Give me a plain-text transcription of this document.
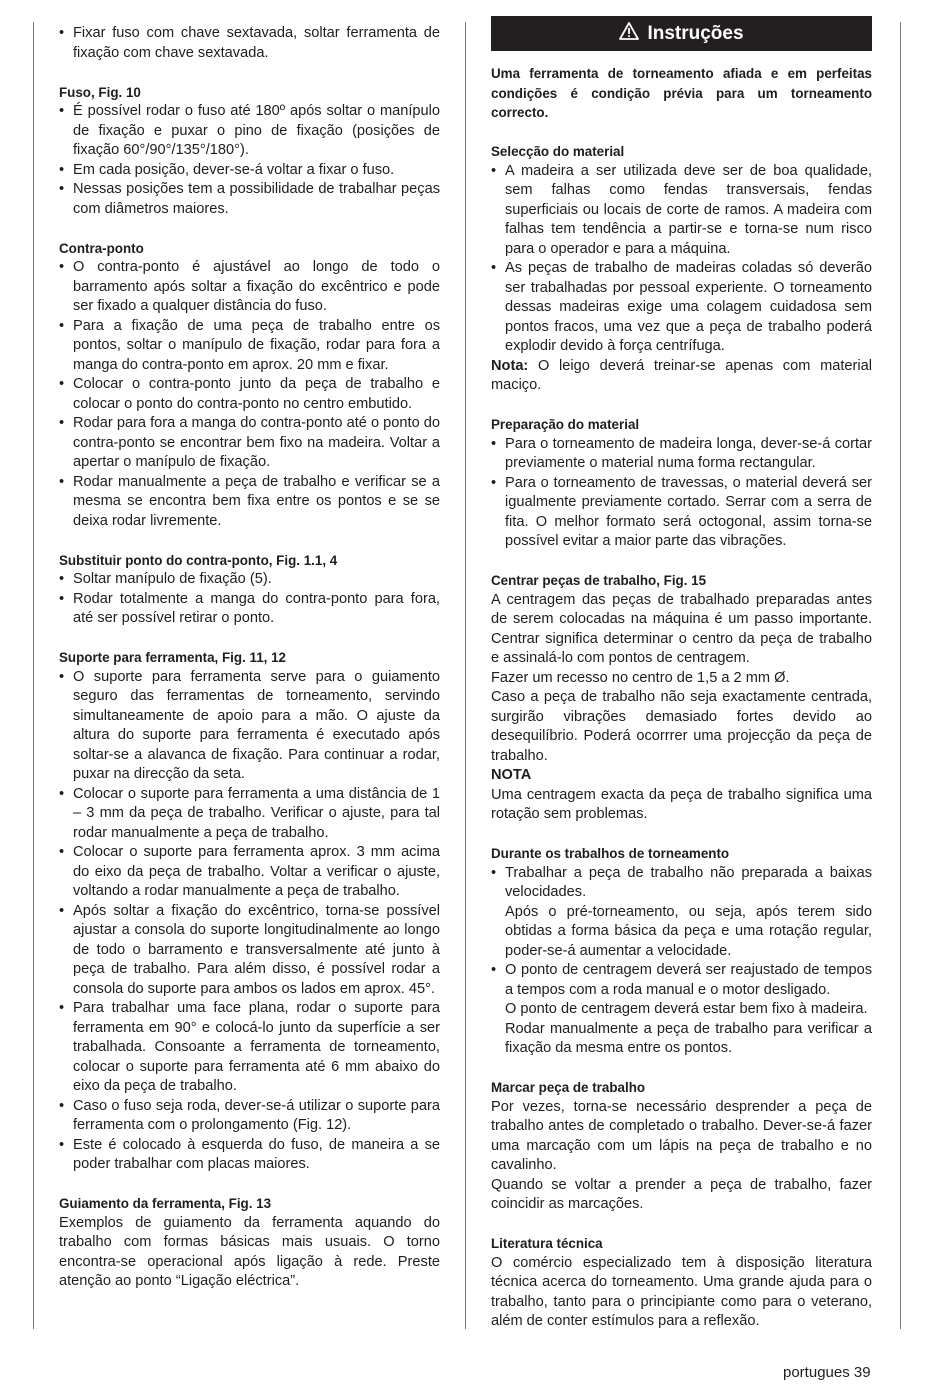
• Fixar fuso com chave sextavada, soltar ferramenta de fixação com chave sextavada.

Fuso, Fig. 10

• É possível rodar o fuso até 180º após soltar o manípulo de fixação e puxar o pino de fixação (posições de fixação 60°/90°/135°/180°).
• Em cada posição, dever-se-á voltar a fixar o fuso.
• Nessas posições tem a possibilidade de trabalhar peças com diâmetros maiores.

Contra-ponto

• O contra-ponto é ajustável ao longo de todo o barramento após soltar a fixação do excêntrico e pode ser fixado a qualquer distância do fuso.
• Para a fixação de uma peça de trabalho entre os pontos, soltar o manípulo de fixação, rodar para fora a manga do contra-ponto em aprox. 20 mm e fixar.
• Colocar o contra-ponto junto da peça de trabalho e colocar o ponto do contra-ponto no centro embutido.
• Rodar para fora a manga do contra-ponto até o ponto do contra-ponto se encontrar bem fixo na madeira. Voltar a apertar o manípulo de fixação.
• Rodar manualmente a peça de trabalho e verificar se a mesma se encontra bem fixa entre os pontos e se se deixa rodar livremente.

Substituir ponto do contra-ponto, Fig. 1.1, 4

• Soltar manípulo de fixação (5).
• Rodar totalmente a manga do contra-ponto para fora, até ser possível retirar o ponto.

Suporte para ferramenta, Fig. 11, 12

• O suporte para ferramenta serve para o guiamento seguro das ferramentas de torneamento, servindo simultaneamente de apoio para a mão. O ajuste da altura do suporte para ferramenta é executado após soltar-se a alavanca de fixação. Para continuar a rodar, puxar na direcção da seta.
• Colocar o suporte para ferramenta a uma distância de 1 – 3 mm da peça de trabalho. Verificar o ajuste, para tal rodar manualmente a peça de trabalho.
• Colocar o suporte para ferramenta aprox. 3 mm acima do eixo da peça de trabalho. Voltar a verificar o ajuste, voltando a rodar manualmente a peça de trabalho.
• Após soltar a fixação do excêntrico, torna-se possível ajustar a consola do suporte longitudinalmente ao longo de todo o barramento e transversalmente até junto à peça de trabalho. Para além disso, é possível rodar a consola do suporte para ambos os lados em aprox. 45°.
• Para trabalhar uma face plana, rodar o suporte para ferramenta em 90° e colocá-lo junto da superfície a ser trabalhada. Consoante a ferramenta de torneamento, colocar o suporte para ferramenta até 6 mm abaixo do eixo da peça de trabalho.
• Caso o fuso seja roda, dever-se-á utilizar o suporte para ferramenta com o prolongamento (Fig. 12).
• Este é colocado à esquerda do fuso, de maneira a se poder trabalhar com placas maiores.

Guiamento da ferramenta, Fig. 13

Exemplos de guiamento da ferramenta aquando do trabalho com formas básicas mais usuais. O torno encontra-se operacional após ligação à rede. Preste atenção ao ponto “Ligação eléctrica”.

Instruções

Uma ferramenta de torneamento afiada e em perfeitas condições é condição prévia para um torneamento correcto.

Selecção do material

• A madeira a ser utilizada deve ser de boa qualidade, sem falhas como fendas transversais, fendas superficiais ou locais de corte de ramos. A madeira com falhas tem tendência a partir-se e torna-se num risco para o operador e para a máquina.
• As peças de trabalho de madeiras coladas só deverão ser trabalhadas por pessoal experiente. O torneamento dessas madeiras exige uma colagem cuidadosa sem pontos fracos, uma vez que a peça de trabalho poderá explodir devido à força centrífuga.

Nota: O leigo deverá treinar-se apenas com material maciço.

Preparação do material

• Para o torneamento de madeira longa, dever-se-á cortar previamente o material numa forma rectangular.
• Para o torneamento de travessas, o material deverá ser igualmente previamente cortado. Serrar com a serra de fita. O melhor formato será octogonal, assim torna-se possível evitar a maior parte das vibrações.

Centrar peças de trabalho, Fig. 15

A centragem das peças de trabalhado preparadas antes de serem colocadas na máquina é um passo importante. Centrar significa determinar o centro da peça de trabalho e assinalá-lo com pontos de centragem.

Fazer um recesso no centro de 1,5 a 2 mm Ø.

Caso a peça de trabalho não seja exactamente centrada, surgirão vibrações demasiado fortes devido ao desequilíbrio. Poderá ocorrrer uma projecção da peça de trabalho.

NOTA

Uma centragem exacta da peça de trabalho significa uma rotação sem problemas.

Durante os trabalhos de torneamento

• Trabalhar a peça de trabalho não preparada a baixas velocidades.

Após o pré-torneamento, ou seja, após terem sido obtidas a forma básica da peça e uma rotação regular, poder-se-á aumentar a velocidade.

• O ponto de centragem deverá ser reajustado de tempos a tempos com a roda manual e o motor desligado.

O ponto de centragem deverá estar bem fixo à madeira.

Rodar manualmente a peça de trabalho para verificar a fixação da mesma entre os pontos.

Marcar peça de trabalho

Por vezes, torna-se necessário desprender a peça de trabalho antes de completado o trabalho. Dever-se-á fazer uma marcação com um lápis na peça de trabalho e no cavalinho.

Quando se voltar a prender a peça de trabalho, fazer coincidir as marcações.

Literatura técnica

O comércio especializado tem à disposição literatura técnica acerca do torneamento. Uma grande ajuda para o trabalho, tanto para o principiante como para o veterano, além de conter estímulos para a reflexão.

portugues 39
